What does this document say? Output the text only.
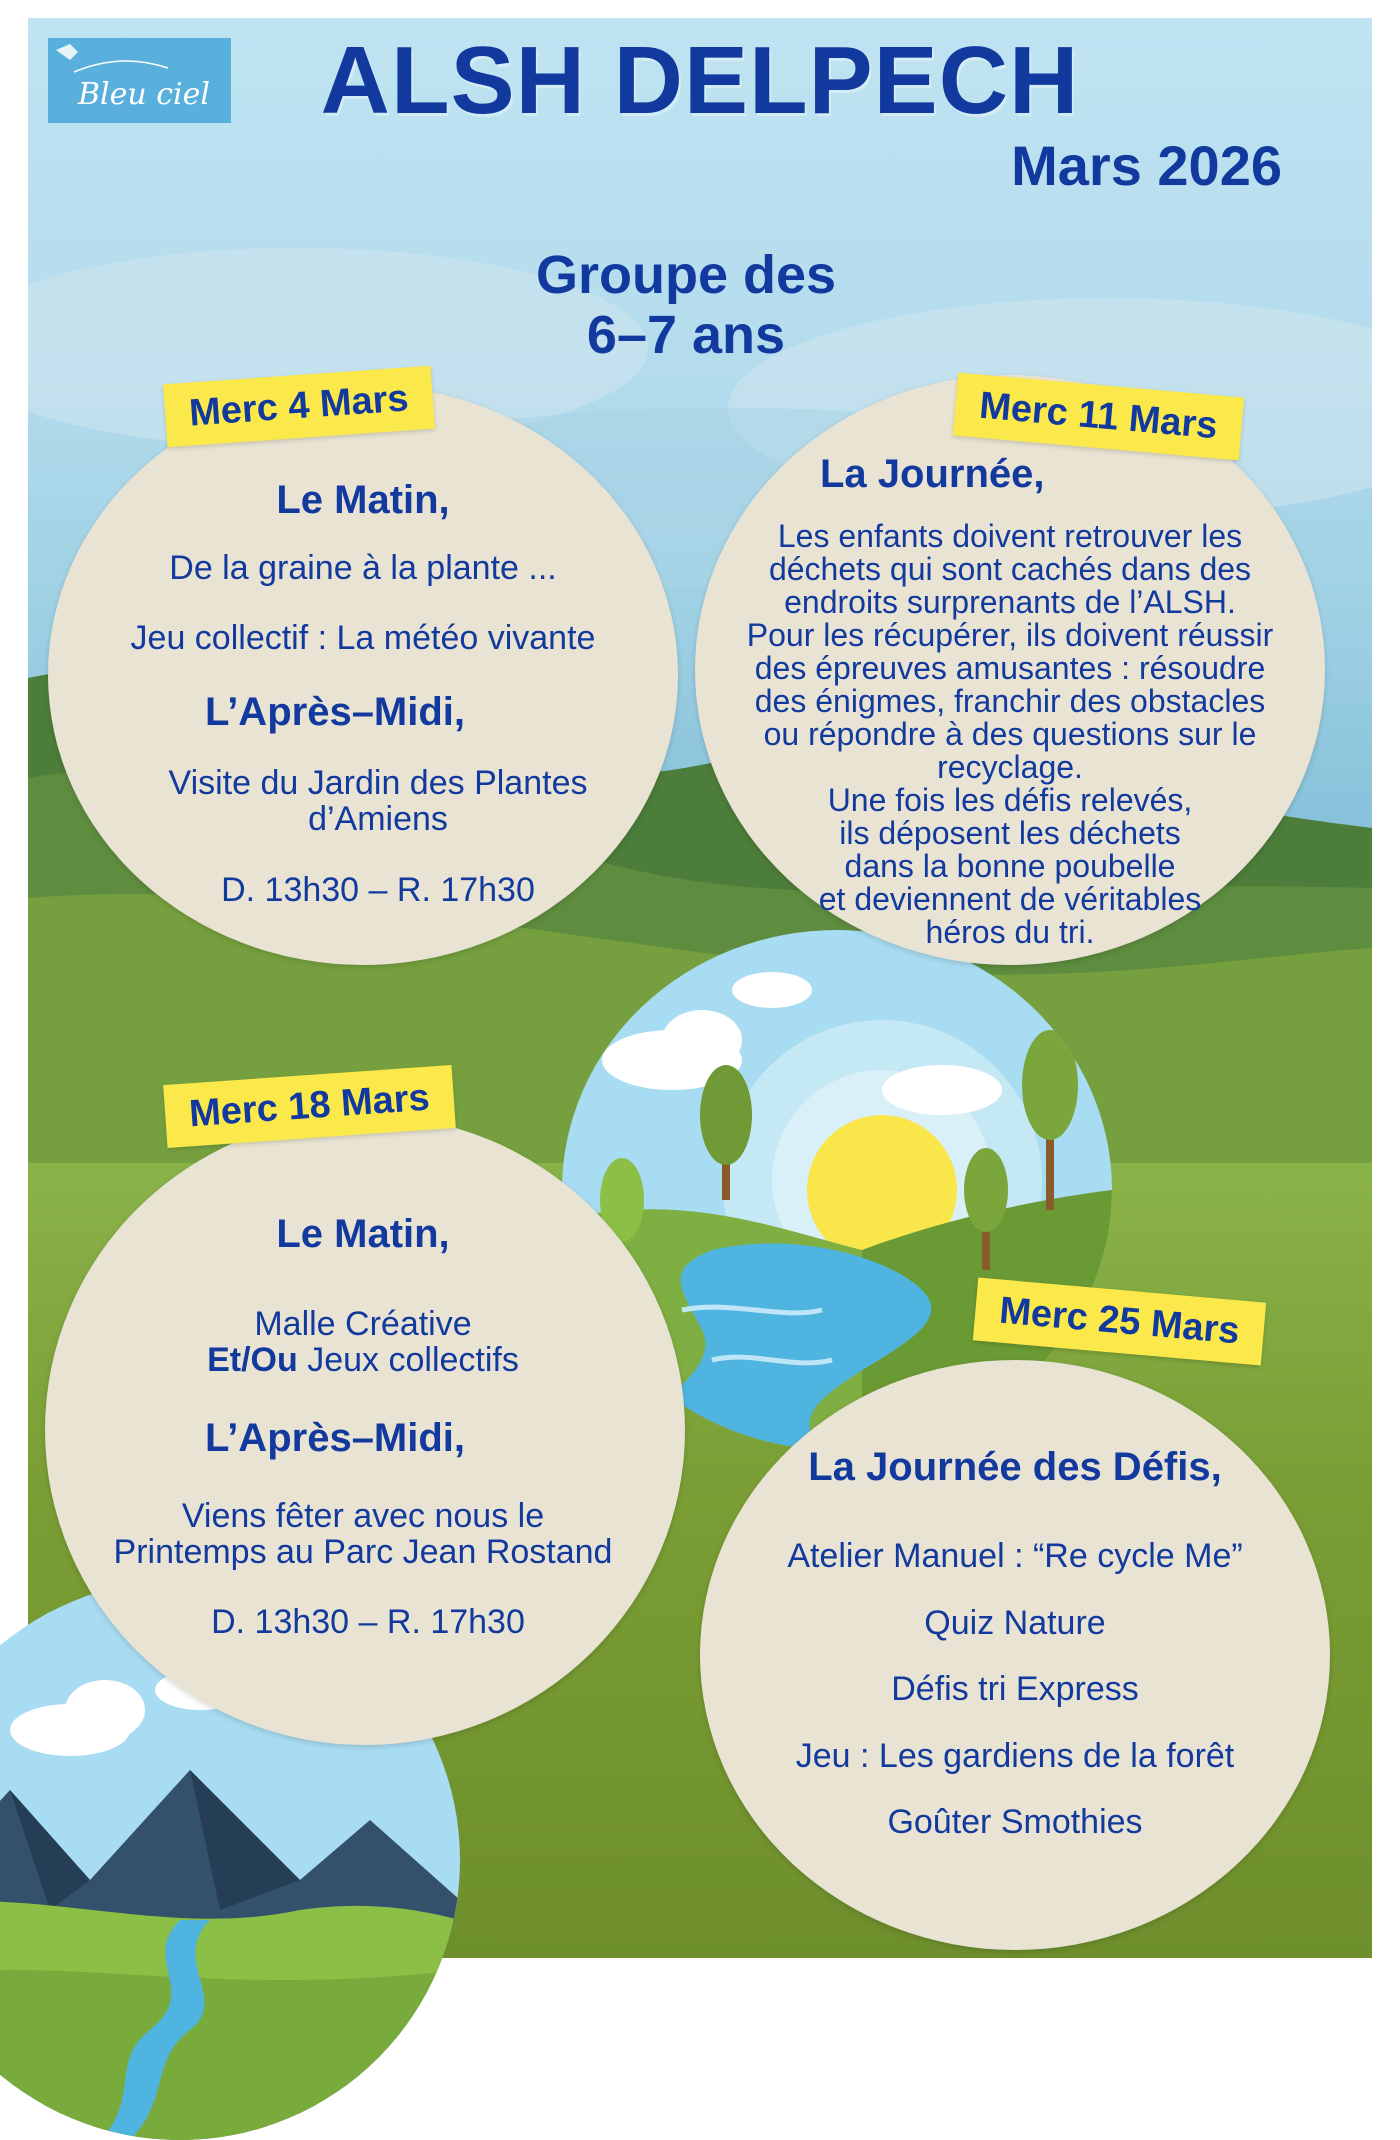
Bleu ciel	ALSH DELPECH
Mars 2026
Groupe des
6–7 ans
Merc 4 Mars
Le Matin,
De la graine à la plante ...
Jeu collectif : La météo vivante
L’Après–Midi,
Visite du Jardin des Plantes
d’Amiens
D. 13h30 – R. 17h30
Merc 11 Mars
La Journée,
Les enfants doivent retrouver les
déchets qui sont cachés dans des
endroits surprenants de l’ALSH.
Pour les récupérer, ils doivent réussir
des épreuves amusantes : résoudre
des énigmes, franchir des obstacles
ou répondre à des questions sur le
recyclage.
Une fois les défis relevés,
ils déposent les déchets
dans la bonne poubelle
et deviennent de véritables
héros du tri.
Merc 18 Mars
Le Matin,
Malle Créative
Et/Ou Jeux collectifs
L’Après–Midi,
Viens fêter avec nous le
Printemps au Parc Jean Rostand
D. 13h30 – R. 17h30
Merc 25 Mars
La Journée des Défis,
Atelier Manuel : “Re cycle Me”
Quiz Nature
Défis tri Express
Jeu : Les gardiens de la forêt
Goûter Smothies
